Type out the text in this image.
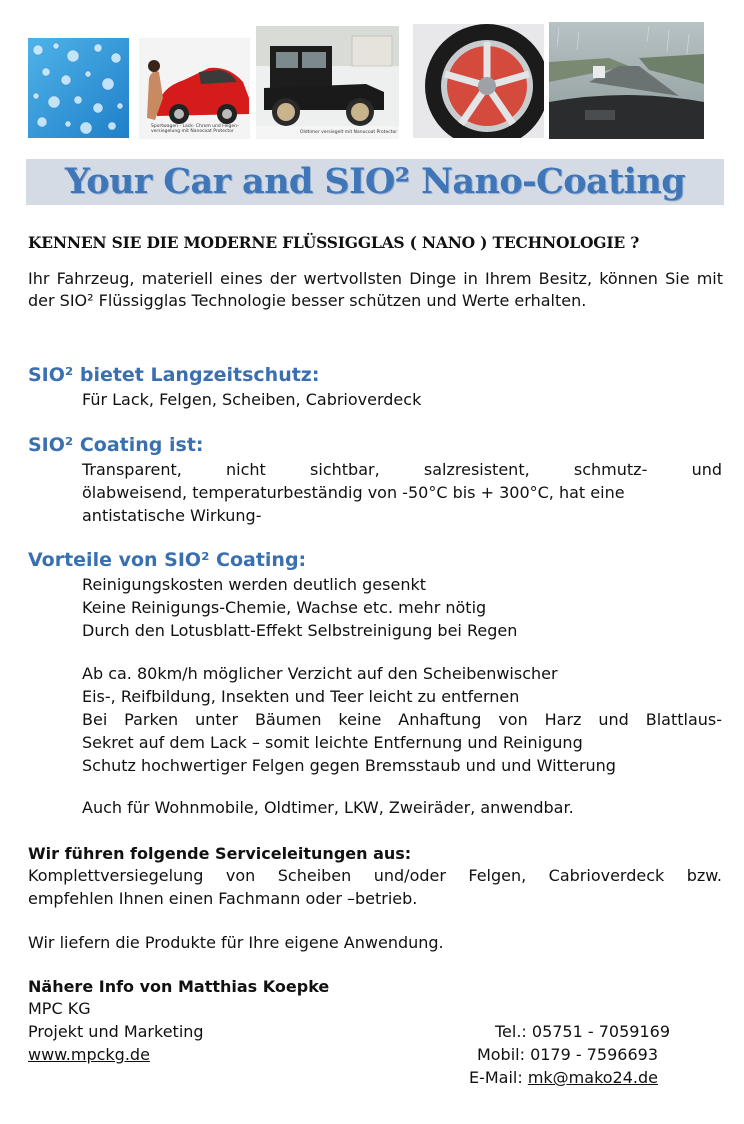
Sportwagen - Lack- Chrom und Felgen-versiegelung mit Nanocoat Protector	Oldtimer versiegelt mit Nanocoat Protector
Your Car and SIO² Nano-Coating
KENNEN SIE DIE MODERNE FLÜSSIGGLAS ( NANO ) TECHNOLOGIE ?
Ihr Fahrzeug, materiell eines der wertvollsten Dinge in Ihrem Besitz, können Sie mit der SIO² Flüssigglas Technologie besser schützen und Werte erhalten.
SIO² bietet Langzeitschutz:
Für Lack, Felgen, Scheiben, Cabrioverdeck
SIO² Coating ist:
Transparent, nicht sichtbar, salzresistent, schmutz- und
ölabweisend, temperaturbeständig von -50°C bis + 300°C, hat eine
antistatische Wirkung-
Vorteile von SIO² Coating:
Reinigungskosten werden deutlich gesenkt
Keine Reinigungs-Chemie, Wachse etc. mehr nötig
Durch den Lotusblatt-Effekt Selbstreinigung bei Regen
Ab ca. 80km/h möglicher Verzicht auf den Scheibenwischer
Eis-, Reifbildung, Insekten und Teer leicht zu entfernen
Bei Parken unter Bäumen keine Anhaftung von Harz und Blattlaus-
Sekret auf dem Lack – somit leichte Entfernung und Reinigung
Schutz hochwertiger Felgen gegen Bremsstaub und und Witterung
Auch für Wohnmobile, Oldtimer, LKW, Zweiräder, anwendbar.
Wir führen folgende Serviceleitungen aus:
Komplettversiegelung von Scheiben und/oder Felgen, Cabrioverdeck bzw.
empfehlen Ihnen einen Fachmann oder –betrieb.
Wir liefern die Produkte für Ihre eigene Anwendung.
Nähere Info von Matthias Koepke
MPC KG
Projekt und Marketing
www.mpckg.de
Tel.: 05751 - 7059169
Mobil: 0179 - 7596693
E-Mail: mk@mako24.de
